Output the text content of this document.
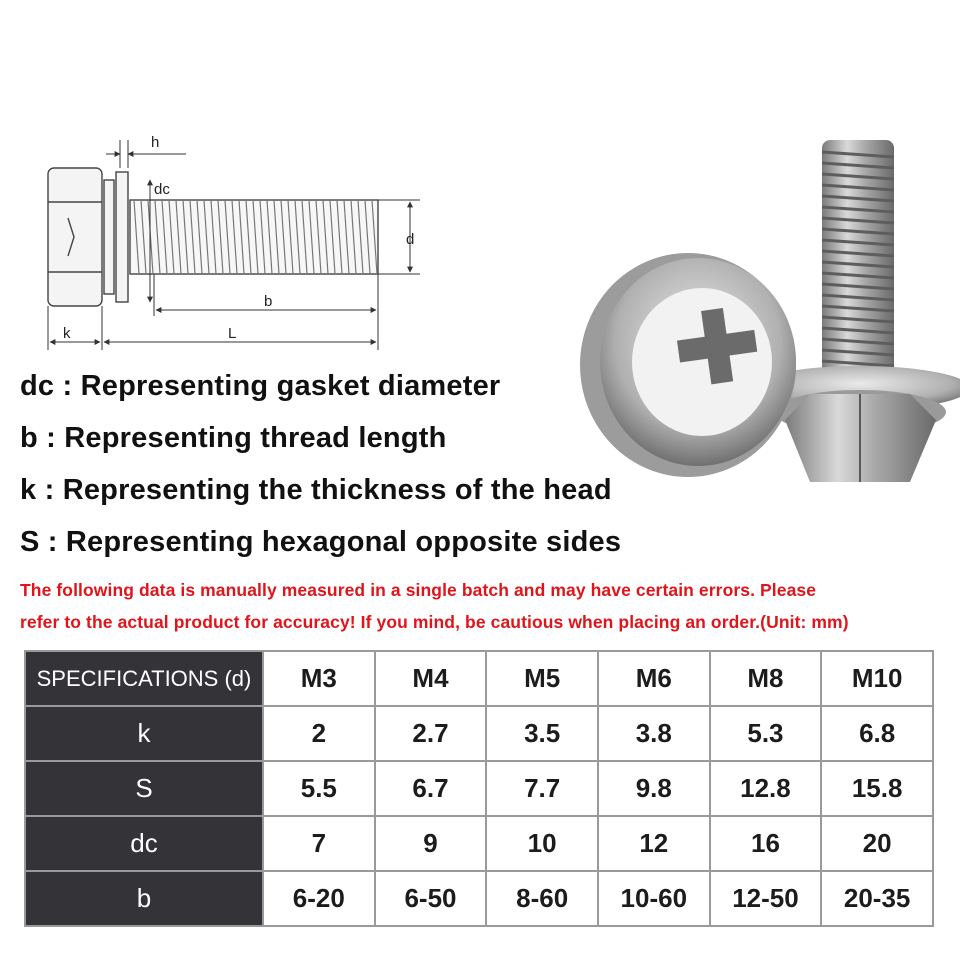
h
dc
d
b
k	L
dc : Representing gasket diameter
b : Representing thread length
k : Representing the thickness of the head
S : Representing hexagonal opposite sides
The following data is manually measured in a single batch and may have certain errors. Please
refer to the actual product for accuracy! If you mind, be cautious when placing an order.(Unit: mm)
SPECIFICATIONS (d)	M3	M4	M5	M6	M8	M10
k	2	2.7	3.5	3.8	5.3	6.8
S	5.5	6.7	7.7	9.8	12.8	15.8
dc	7	9	10	12	16	20
b	6-20	6-50	8-60	10-60	12-50	20-35
